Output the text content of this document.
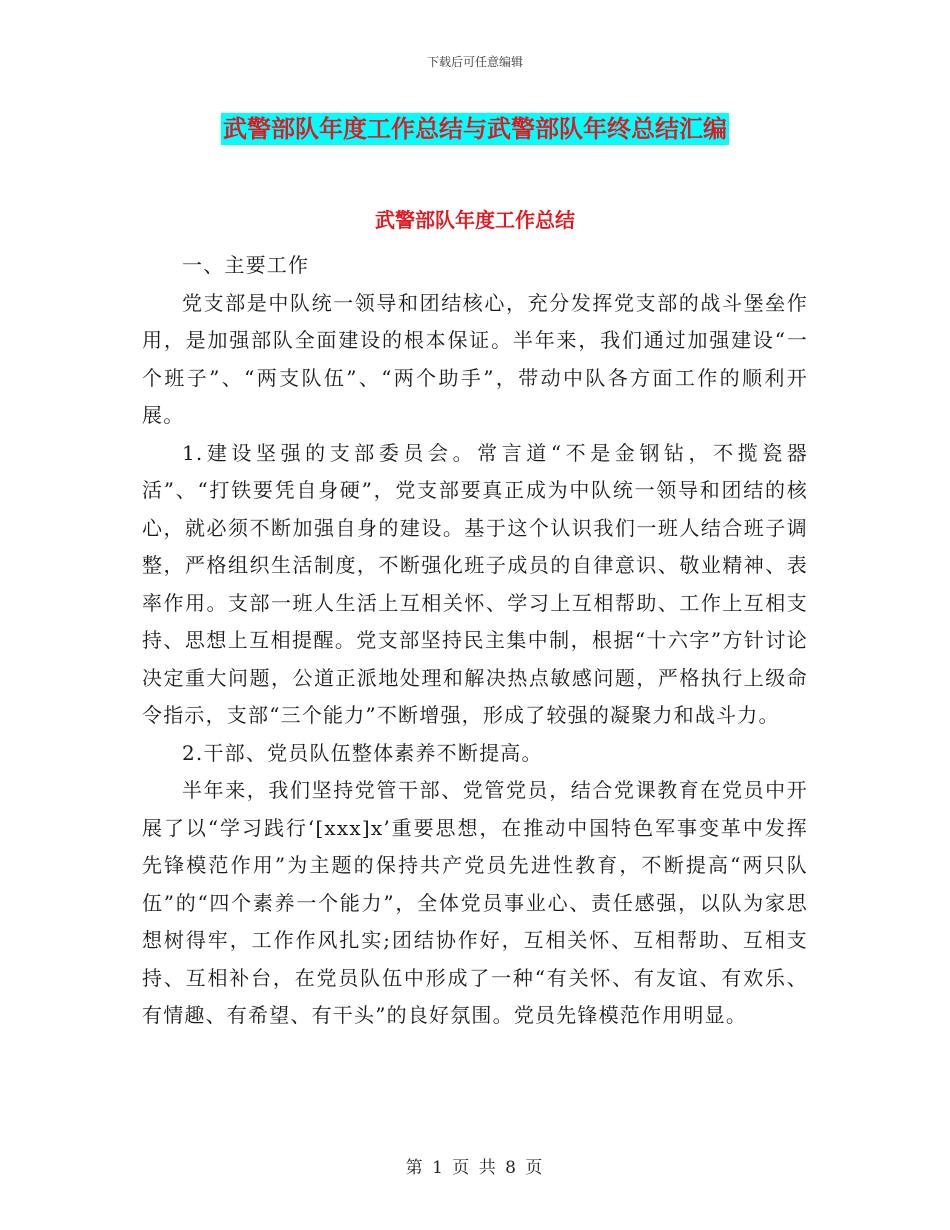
下载后可任意编辑
武警部队年度工作总结与武警部队年终总结汇编
武警部队年度工作总结

一、主要工作

党支部是中队统一领导和团结核心，充分发挥党支部的战斗堡垒作用，是加强部队全面建设的根本保证。半年来，我们通过加强建设“一个班子”、“两支队伍”、“两个助手”，带动中队各方面工作的顺利开展。

1.建设坚强的支部委员会。常言道“不是金钢钻，不揽瓷器活”、“打铁要凭自身硬”，党支部要真正成为中队统一领导和团结的核心，就必须不断加强自身的建设。基于这个认识我们一班人结合班子调整，严格组织生活制度，不断强化班子成员的自律意识、敬业精神、表率作用。支部一班人生活上互相关怀、学习上互相帮助、工作上互相支持、思想上互相提醒。党支部坚持民主集中制，根据“十六字”方针讨论决定重大问题，公道正派地处理和解决热点敏感问题，严格执行上级命令指示，支部“三个能力”不断增强，形成了较强的凝聚力和战斗力。

2.干部、党员队伍整体素养不断提高。

半年来，我们坚持党管干部、党管党员，结合党课教育在党员中开展了以“学习践行‘[xxx]x’重要思想，在推动中国特色军事变革中发挥先锋模范作用”为主题的保持共产党员先进性教育，不断提高“两只队伍”的“四个素养一个能力”，全体党员事业心、责任感强，以队为家思想树得牢，工作作风扎实;团结协作好，互相关怀、互相帮助、互相支持、互相补台，在党员队伍中形成了一种“有关怀、有友谊、有欢乐、有情趣、有希望、有干头”的良好氛围。党员先锋模范作用明显。

第 1 页 共 8 页
